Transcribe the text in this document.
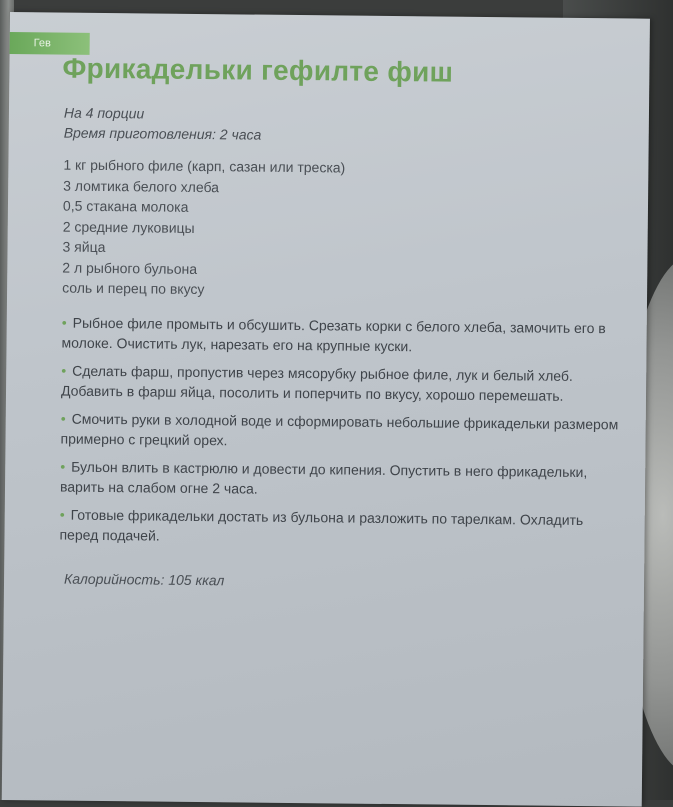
Гев
Фрикадельки гефилте фиш
На 4 порции
Время приготовления: 2 часа
1 кг рыбного филе (карп, сазан или треска)
3 ломтика белого хлеба
0,5 стакана молока
2 средние луковицы
3 яйца
2 л рыбного бульона
соль и перец по вкусу
• Рыбное филе промыть и обсушить. Срезать корки с белого хлеба, замочить его в молоке. Очистить лук, нарезать его на крупные куски.
• Сделать фарш, пропустив через мясорубку рыбное филе, лук и белый хлеб. Добавить в фарш яйца, посолить и поперчить по вкусу, хорошо перемешать.
• Смочить руки в холодной воде и сформировать небольшие фрикадельки размером примерно с грецкий орех.
• Бульон влить в кастрюлю и довести до кипения. Опустить в него фрикадельки, варить на слабом огне 2 часа.
• Готовые фрикадельки достать из бульона и разложить по тарелкам. Охладить перед подачей.
Калорийность: 105 ккал
